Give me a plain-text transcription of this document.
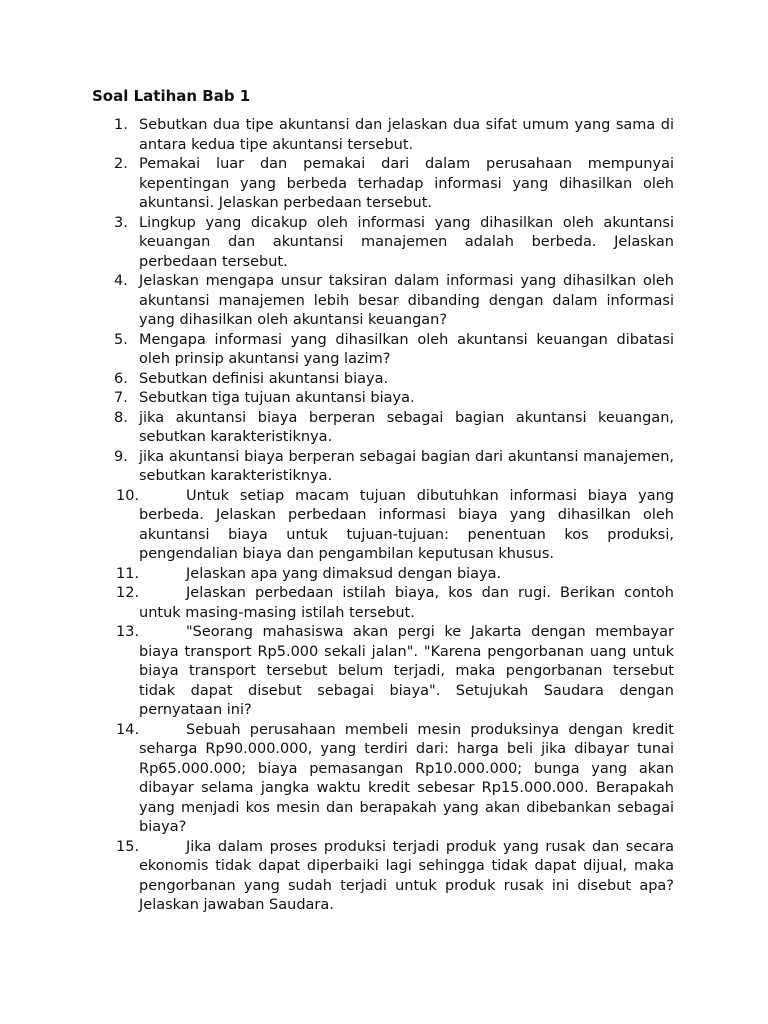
Soal Latihan Bab 1
1. Sebutkan dua tipe akuntansi dan jelaskan dua sifat umum yang sama di antara kedua tipe akuntansi tersebut.
2. Pemakai luar dan pemakai dari dalam perusahaan mempunyai kepentingan yang berbeda terhadap informasi yang dihasilkan oleh akuntansi. Jelaskan perbedaan tersebut.
3. Lingkup yang dicakup oleh informasi yang dihasilkan oleh akuntansi keuangan dan akuntansi manajemen adalah berbeda. Jelaskan perbedaan tersebut.
4. Jelaskan mengapa unsur taksiran dalam informasi yang dihasilkan oleh akuntansi manajemen lebih besar dibanding dengan dalam informasi yang dihasilkan oleh akuntansi keuangan?
5. Mengapa informasi yang dihasilkan oleh akuntansi keuangan dibatasi oleh prinsip akuntansi yang lazim?
6. Sebutkan definisi akuntansi biaya.
7. Sebutkan tiga tujuan akuntansi biaya.
8. jika akuntansi biaya berperan sebagai bagian akuntansi keuangan, sebutkan karakteristiknya.
9. jika akuntansi biaya berperan sebagai bagian dari akuntansi manajemen, sebutkan karakteristiknya.
10.	Untuk setiap macam tujuan dibutuhkan informasi biaya yang berbeda. Jelaskan perbedaan informasi biaya yang dihasilkan oleh akuntansi biaya untuk tujuan-tujuan: penentuan kos produksi, pengendalian biaya dan pengambilan keputusan khusus.
11.	Jelaskan apa yang dimaksud dengan biaya.
12.	Jelaskan perbedaan istilah biaya, kos dan rugi. Berikan contoh untuk masing-masing istilah tersebut.
13.	"Seorang mahasiswa akan pergi ke Jakarta dengan membayar biaya transport Rp5.000 sekali jalan". "Karena pengorbanan uang untuk biaya transport tersebut belum terjadi, maka pengorbanan tersebut tidak dapat disebut sebagai biaya". Setujukah Saudara dengan pernyataan ini?
14.	Sebuah perusahaan membeli mesin produksinya dengan kredit seharga Rp90.000.000, yang terdiri dari: harga beli jika dibayar tunai Rp65.000.000; biaya pemasangan Rp10.000.000; bunga yang akan dibayar selama jangka waktu kredit sebesar Rp15.000.000. Berapakah yang menjadi kos mesin dan berapakah yang akan dibebankan sebagai biaya?
15.	Jika dalam proses produksi terjadi produk yang rusak dan secara ekonomis tidak dapat diperbaiki lagi sehingga tidak dapat dijual, maka pengorbanan yang sudah terjadi untuk produk rusak ini disebut apa? Jelaskan jawaban Saudara.
